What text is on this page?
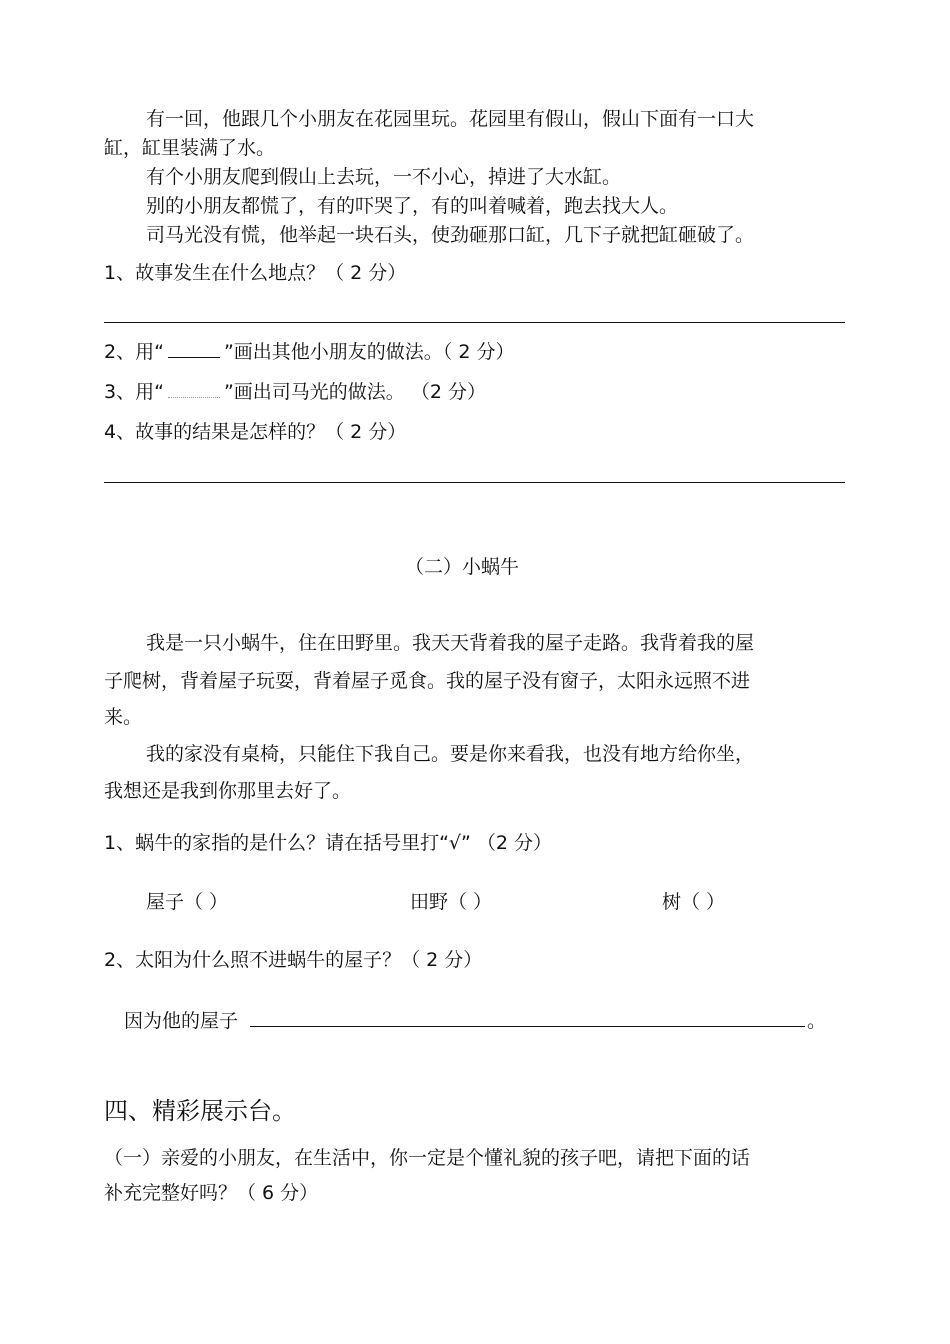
有一回，他跟几个小朋友在花园里玩。花园里有假山，假山下面有一口大
缸，缸里装满了水。
有个小朋友爬到假山上去玩，一不小心，掉进了大水缸。
别的小朋友都慌了，有的吓哭了，有的叫着喊着，跑去找大人。
司马光没有慌，他举起一块石头，使劲砸那口缸，几下子就把缸砸破了。
1、故事发生在什么地点？（ 2 分）
2、用“	”画出其他小朋友的做法。（ 2 分）
3、用“	”画出司马光的做法。 （2 分）
4、故事的结果是怎样的？（ 2 分）
（二）小蜗牛
我是一只小蜗牛，住在田野里。我天天背着我的屋子走路。我背着我的屋
子爬树，背着屋子玩耍，背着屋子觅食。我的屋子没有窗子，太阳永远照不进
来。
我的家没有桌椅，只能住下我自己。要是你来看我，也没有地方给你坐，
我想还是我到你那里去好了。
1、蜗牛的家指的是什么？请在括号里打“√” （2 分）
屋子（ ）	田野（ ）	树（ ）
2、太阳为什么照不进蜗牛的屋子？（ 2 分）
因为他的屋子	。
四、精彩展示台。
（一）亲爱的小朋友，在生活中，你一定是个懂礼貌的孩子吧，请把下面的话
补充完整好吗？（ 6 分）
